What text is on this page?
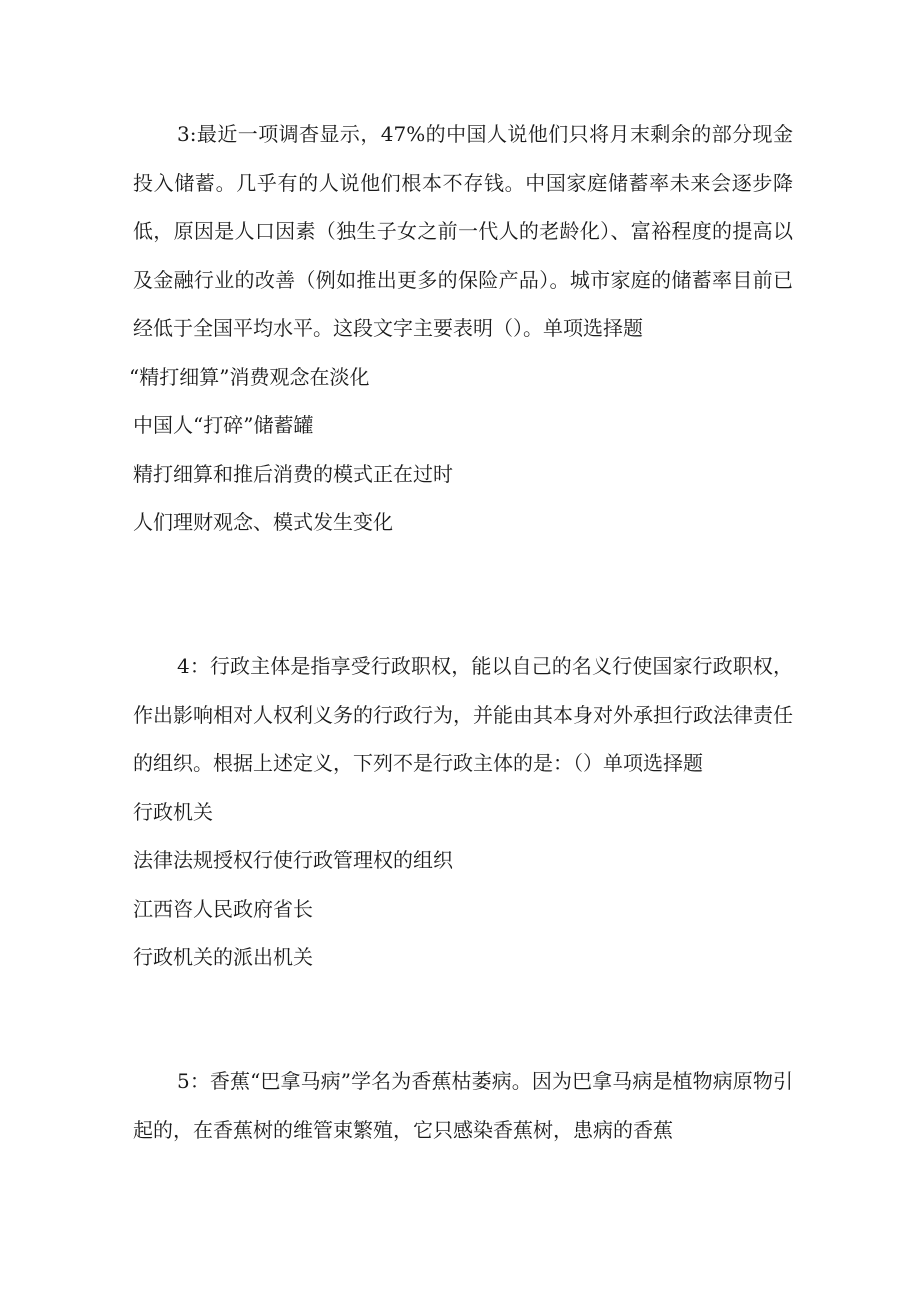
3:最近一项调杳显示，47%的中国人说他们只将月末剩余的部分现金投入储蓄。几乎有的人说他们根本不存钱。中国家庭储蓄率未来会逐步降低，原因是人口因素（独生子女之前一代人的老龄化）、富裕程度的提高以及金融行业的改善（例如推出更多的保险产品）。城市家庭的储蓄率目前已经低于全国平均水平。这段文字主要表明（）。单项选择题

“精打细算”消费观念在淡化
中国人“打碎”储蓄罐
精打细算和推后消费的模式正在过时
人们理财观念、模式发生变化

4：行政主体是指享受行政职权，能以自己的名义行使国家行政职权，作出影响相对人权利义务的行政行为，并能由其本身对外承担行政法律责任的组织。根据上述定义，下列不是行政主体的是：（）单项选择题

行政机关
法律法规授权行使行政管理权的组织
江西咨人民政府省长
行政机关的派出机关

5：香蕉“巴拿马病”学名为香蕉枯萎病。因为巴拿马病是植物病原物引起的，在香蕉树的维管束繁殖，它只感染香蕉树，患病的香蕉
